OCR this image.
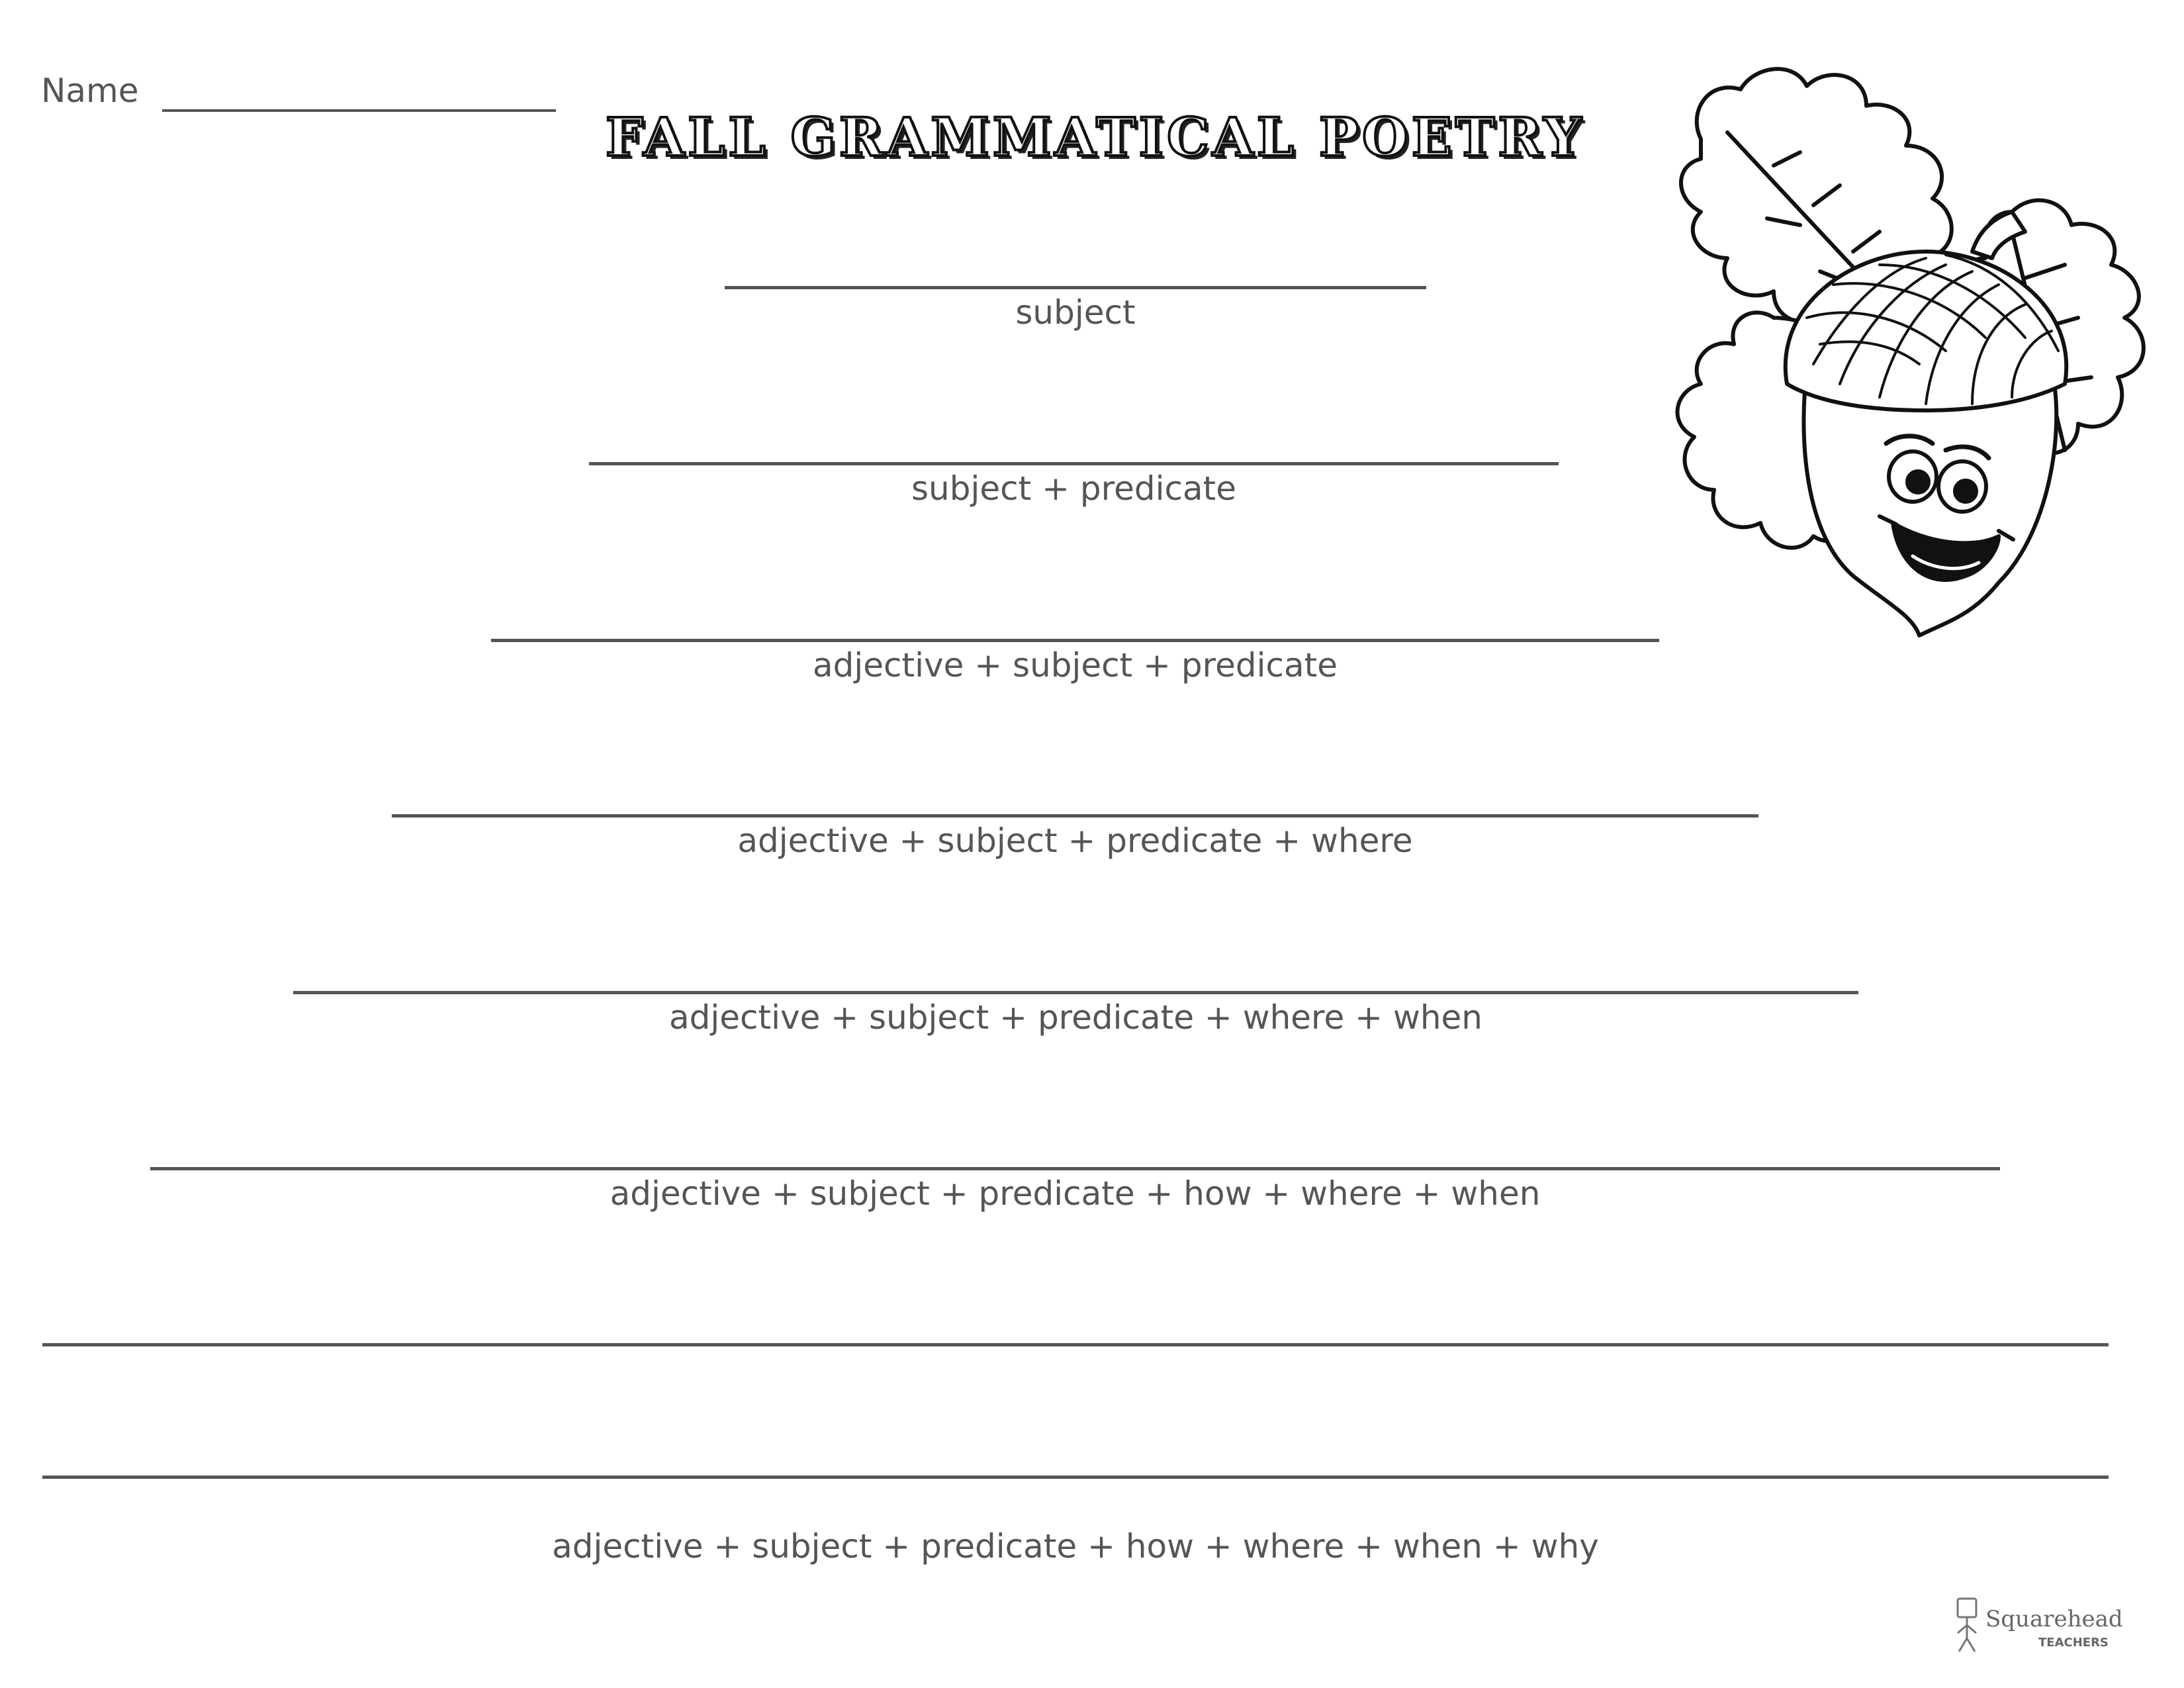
Name
FALL GRAMMATICAL POETRY
subject
subject + predicate
adjective + subject + predicate
adjective + subject + predicate + where
adjective + subject + predicate + where + when
adjective + subject + predicate + how + where + when
adjective + subject + predicate + how + where + when + why
Squarehead
TEACHERS
